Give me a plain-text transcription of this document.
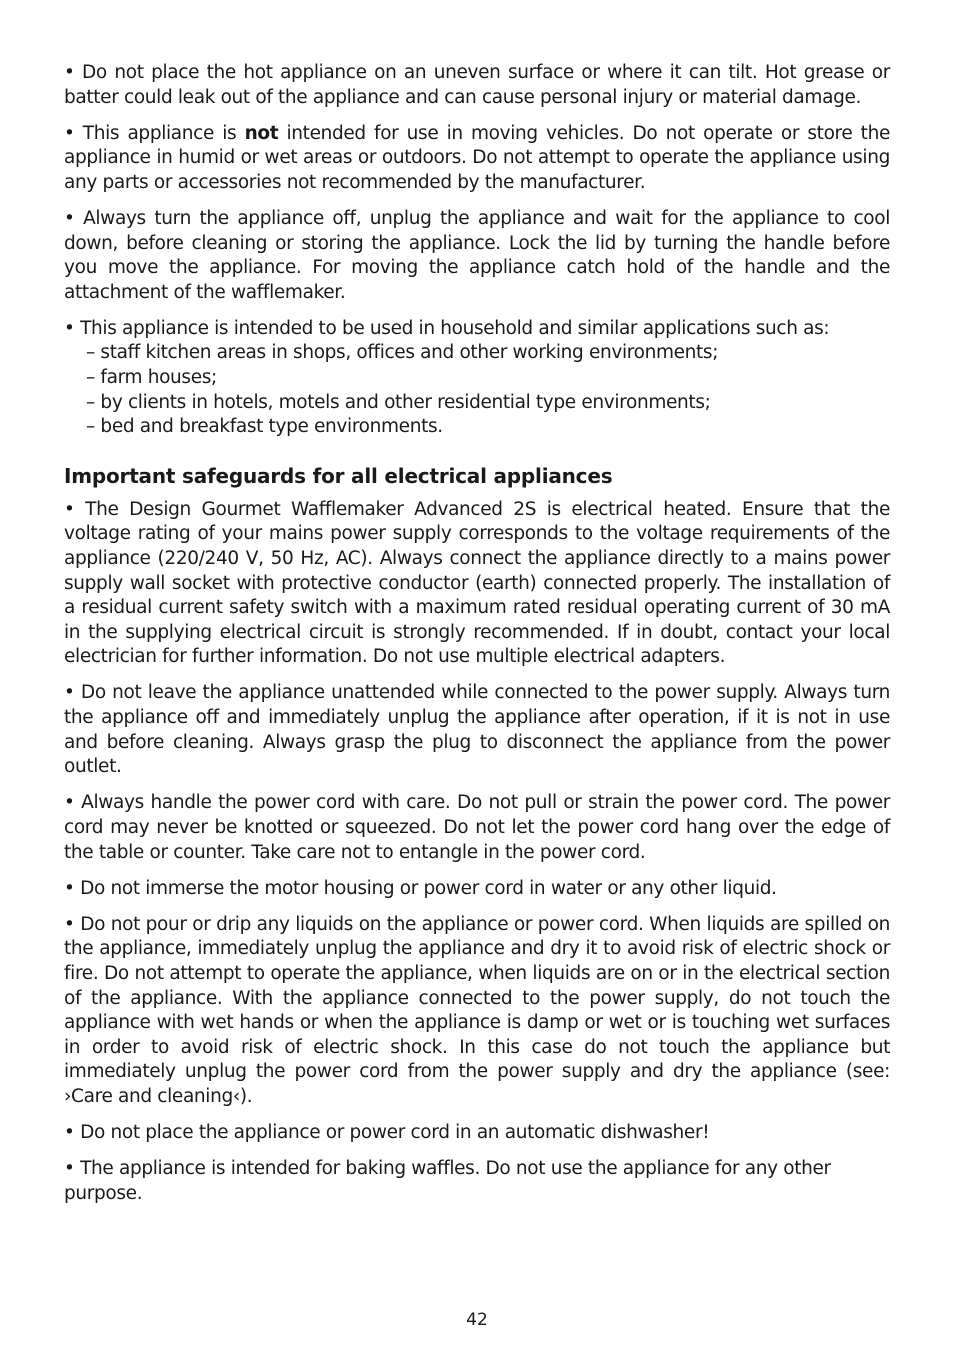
• Do not place the hot appliance on an uneven surface or where it can tilt. Hot grease or batter could leak out of the appliance and can cause personal injury or material damage.

• This appliance is not intended for use in moving vehicles. Do not operate or store the appliance in humid or wet areas or outdoors. Do not attempt to operate the appliance using any parts or accessories not recommended by the manufacturer.

• Always turn the appliance off, unplug the appliance and wait for the appliance to cool down, before cleaning or storing the appliance. Lock the lid by turning the handle before you move the appliance. For moving the appliance catch hold of the handle and the attachment of the wafflemaker.

• This appliance is intended to be used in household and similar applications such as:

– staff kitchen areas in shops, offices and other working environments;

– farm houses;

– by clients in hotels, motels and other residential type environments;

– bed and breakfast type environments.

Important safeguards for all electrical appliances

• The Design Gourmet Wafflemaker Advanced 2S is electrical heated. Ensure that the voltage rating of your mains power supply corresponds to the voltage requirements of the appliance (220/240 V, 50 Hz, AC). Always connect the appliance directly to a mains power supply wall socket with protective conductor (earth) connected properly. The installation of a residual current safety switch with a maximum rated residual operating current of 30 mA in the supplying electrical circuit is strongly recommended. If in doubt, contact your local electrician for further information. Do not use multiple electrical adapters.

• Do not leave the appliance unattended while connected to the power supply. Always turn the appliance off and immediately unplug the appliance after operation, if it is not in use and before cleaning. Always grasp the plug to disconnect the appliance from the power outlet.

• Always handle the power cord with care. Do not pull or strain the power cord. The power cord may never be knotted or squeezed. Do not let the power cord hang over the edge of the table or counter. Take care not to entangle in the power cord.

• Do not immerse the motor housing or power cord in water or any other liquid.

• Do not pour or drip any liquids on the appliance or power cord. When liquids are spilled on the appliance, immediately unplug the appliance and dry it to avoid risk of electric shock or fire. Do not attempt to operate the appliance, when liquids are on or in the electrical section of the appliance. With the appliance connected to the power supply, do not touch the appliance with wet hands or when the appliance is damp or wet or is touching wet surfaces in order to avoid risk of electric shock. In this case do not touch the appliance but immediately unplug the power cord from the power supply and dry the appliance (see: ›Care and cleaning‹).

• Do not place the appliance or power cord in an automatic dishwasher!

• The appliance is intended for baking waffles. Do not use the appliance for any other purpose.

42
